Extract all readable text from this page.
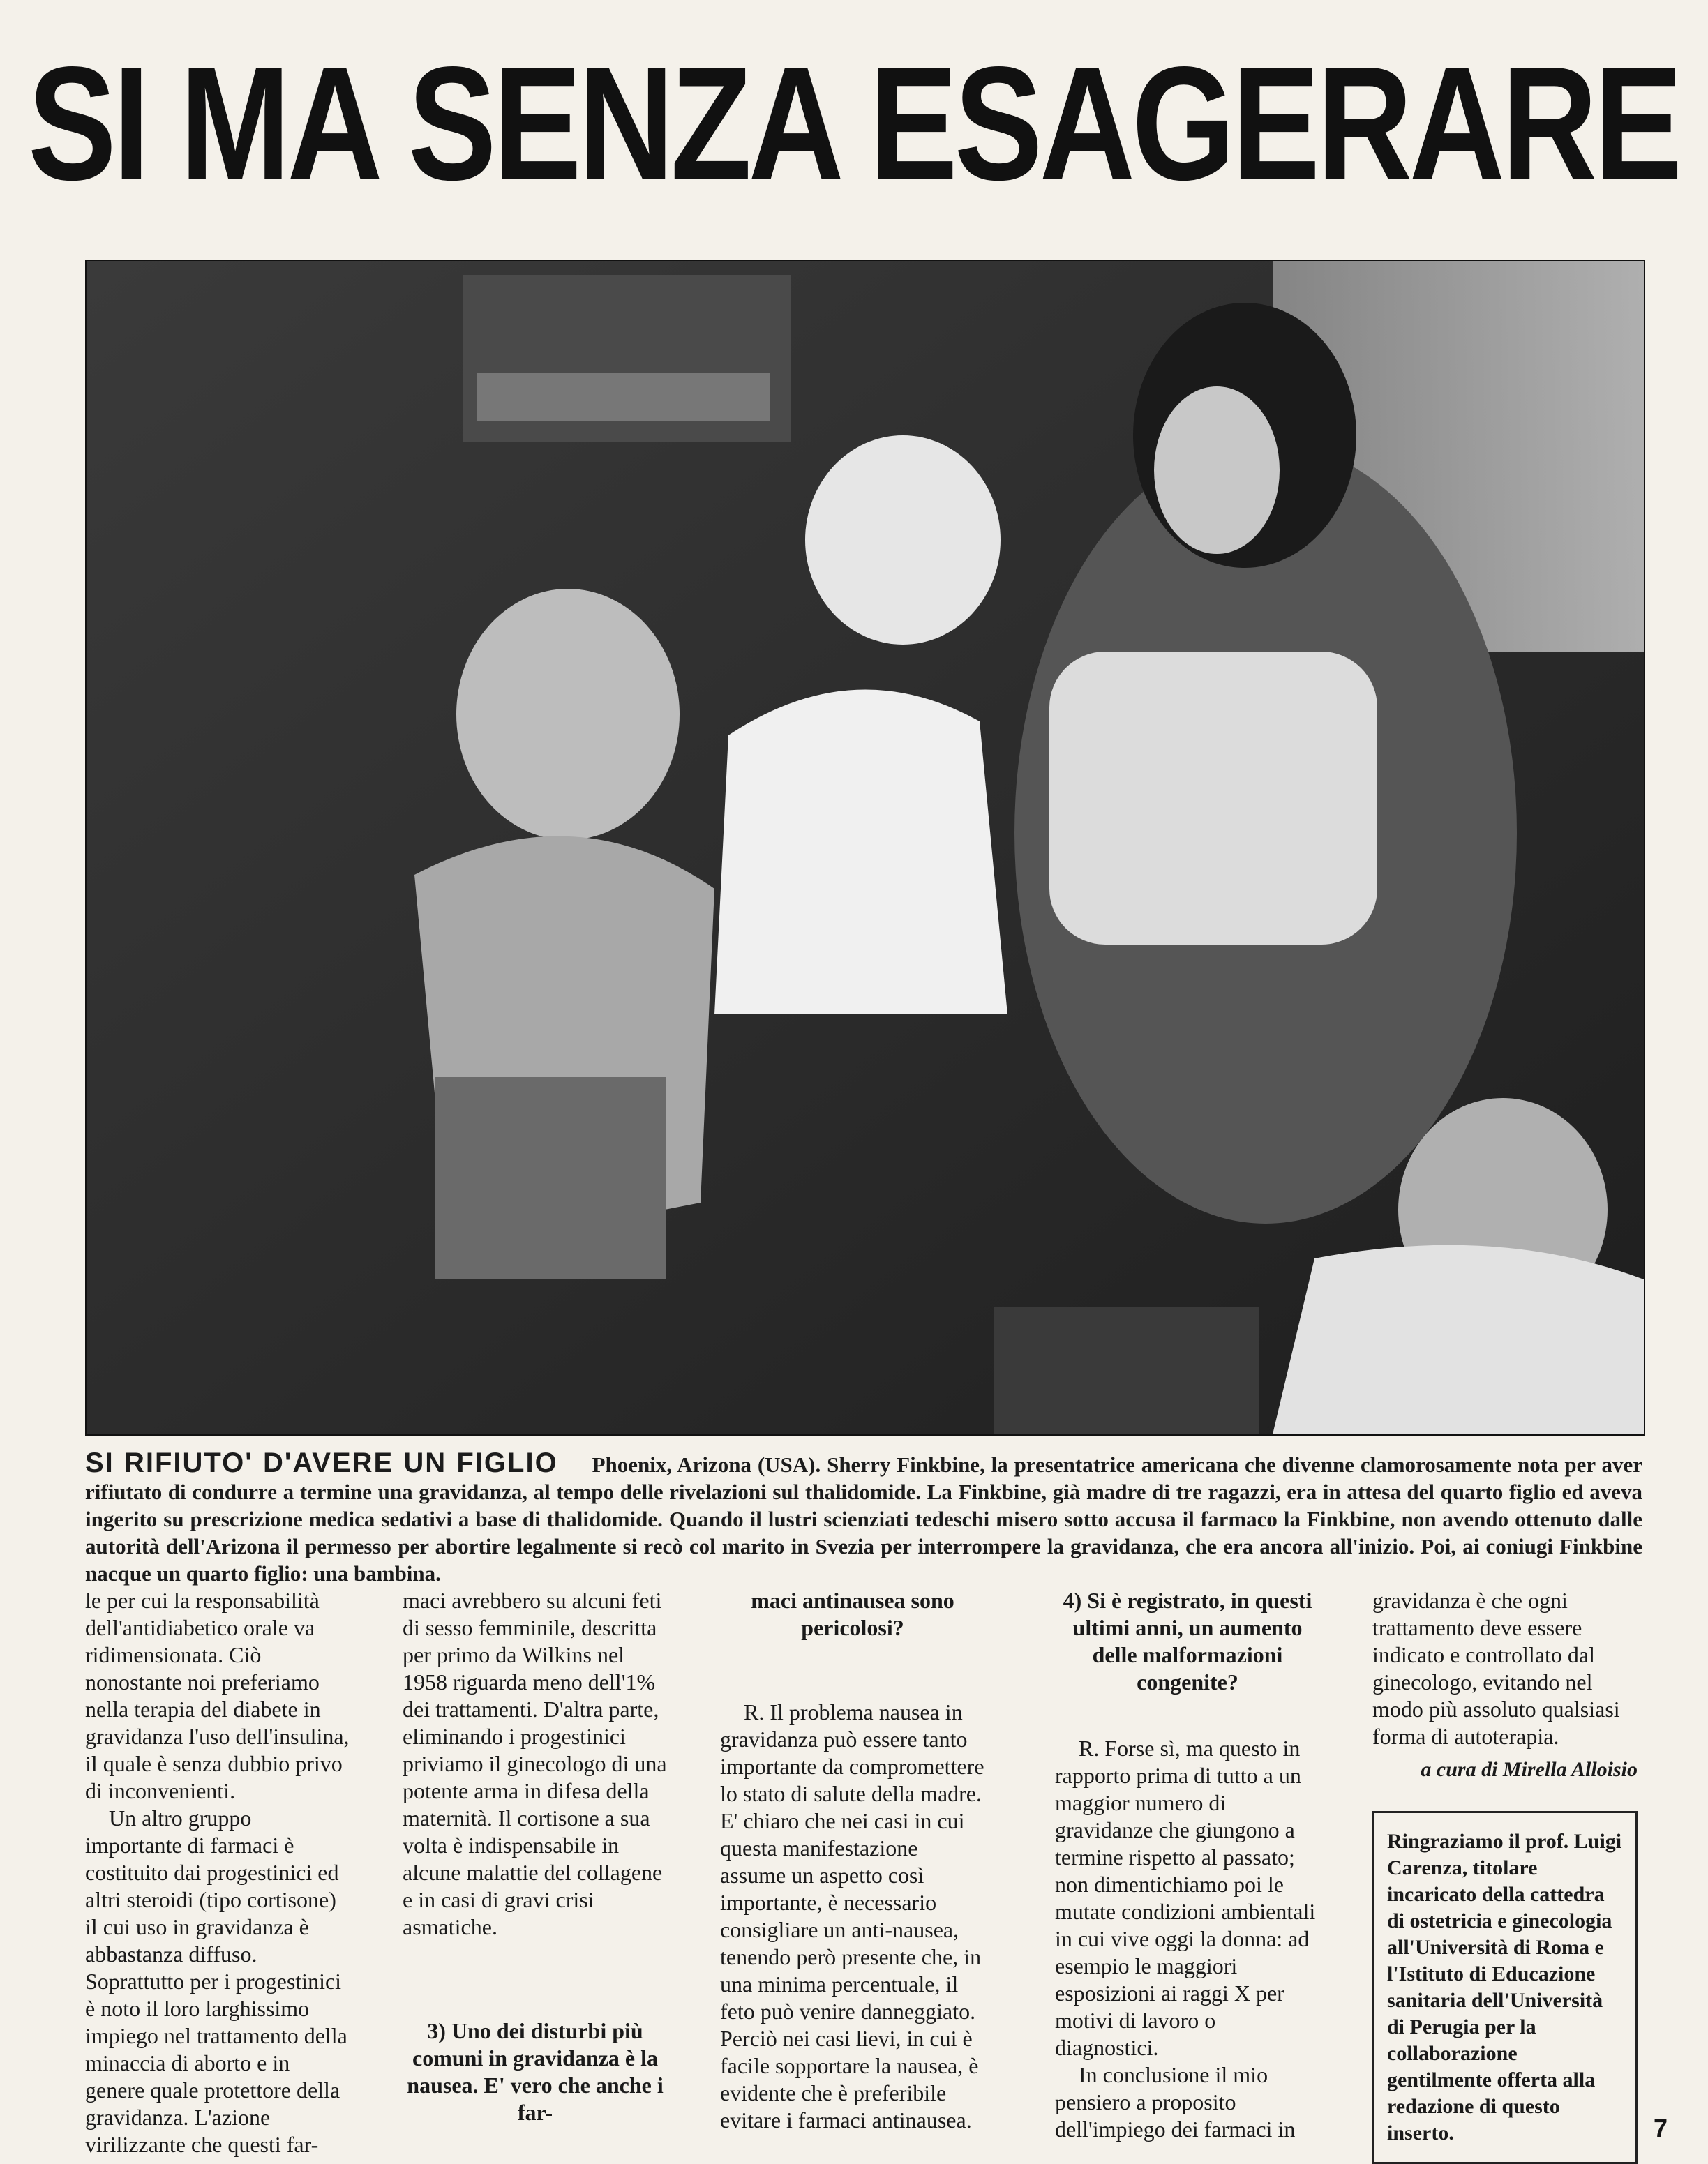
SI MA SENZA ESAGERARE
SI RIFIUTO' D'AVERE UN FIGLIO Phoenix, Arizona (USA). Sherry Finkbine, la presentatrice americana che divenne clamorosamente nota per aver rifiutato di condurre a termine una gravidanza, al tempo delle rivelazioni sul thalidomide. La Finkbine, già madre di tre ragazzi, era in attesa del quarto figlio ed aveva ingerito su prescrizione medica sedativi a base di thalidomide. Quando il lustri scienziati tedeschi misero sotto accusa il farmaco la Finkbine, non avendo ottenuto dalle autorità dell'Arizona il permesso per abortire legalmente si recò col marito in Svezia per interrompere la gravidanza, che era ancora all'inizio. Poi, ai coniugi Finkbine nacque un quarto figlio: una bambina.

le per cui la responsabilità dell'antidiabetico orale va ridimensionata. Ciò nonostante noi preferiamo nella terapia del diabete in gravidanza l'uso dell'insulina, il quale è senza dubbio privo di inconvenienti.

Un altro gruppo importante di farmaci è costituito dai progestinici ed altri steroidi (tipo cortisone) il cui uso in gravidanza è abbastanza diffuso. Soprattutto per i progestinici è noto il loro larghissimo impiego nel trattamento della minaccia di aborto e in genere quale protettore della gravidanza. L'azione virilizzante che questi far-

maci avrebbero su alcuni feti di sesso femminile, descritta per primo da Wilkins nel 1958 riguarda meno dell'1% dei trattamenti. D'altra parte, eliminando i progestinici priviamo il ginecologo di una potente arma in difesa della maternità. Il cortisone a sua volta è indispensabile in alcune malattie del collagene e in casi di gravi crisi asmatiche.

3) Uno dei disturbi più comuni in gravidanza è la nausea. E' vero che anche i far-

maci antinausea sono pericolosi?

R. Il problema nausea in gravidanza può essere tanto importante da compromettere lo stato di salute della madre. E' chiaro che nei casi in cui questa manifestazione assume un aspetto così importante, è necessario consigliare un anti-nausea, tenendo però presente che, in una minima percentuale, il feto può venire danneggiato. Perciò nei casi lievi, in cui è facile sopportare la nausea, è evidente che è preferibile evitare i farmaci antinausea.

4) Si è registrato, in questi ultimi anni, un aumento delle malformazioni congenite?

R. Forse sì, ma questo in rapporto prima di tutto a un maggior numero di gravidanze che giungono a termine rispetto al passato; non dimentichiamo poi le mutate condizioni ambientali in cui vive oggi la donna: ad esempio le maggiori esposizioni ai raggi X per motivi di lavoro o diagnostici.

In conclusione il mio pensiero a proposito dell'impiego dei farmaci in

gravidanza è che ogni trattamento deve essere indicato e controllato dal ginecologo, evitando nel modo più assoluto qualsiasi forma di autoterapia.

a cura di Mirella Alloisio
Ringraziamo il prof. Luigi Carenza, titolare incaricato della cattedra di ostetricia e ginecologia all'Università di Roma e l'Istituto di Educazione sanitaria dell'Università di Perugia per la collaborazione gentilmente offerta alla redazione di questo inserto.	7
